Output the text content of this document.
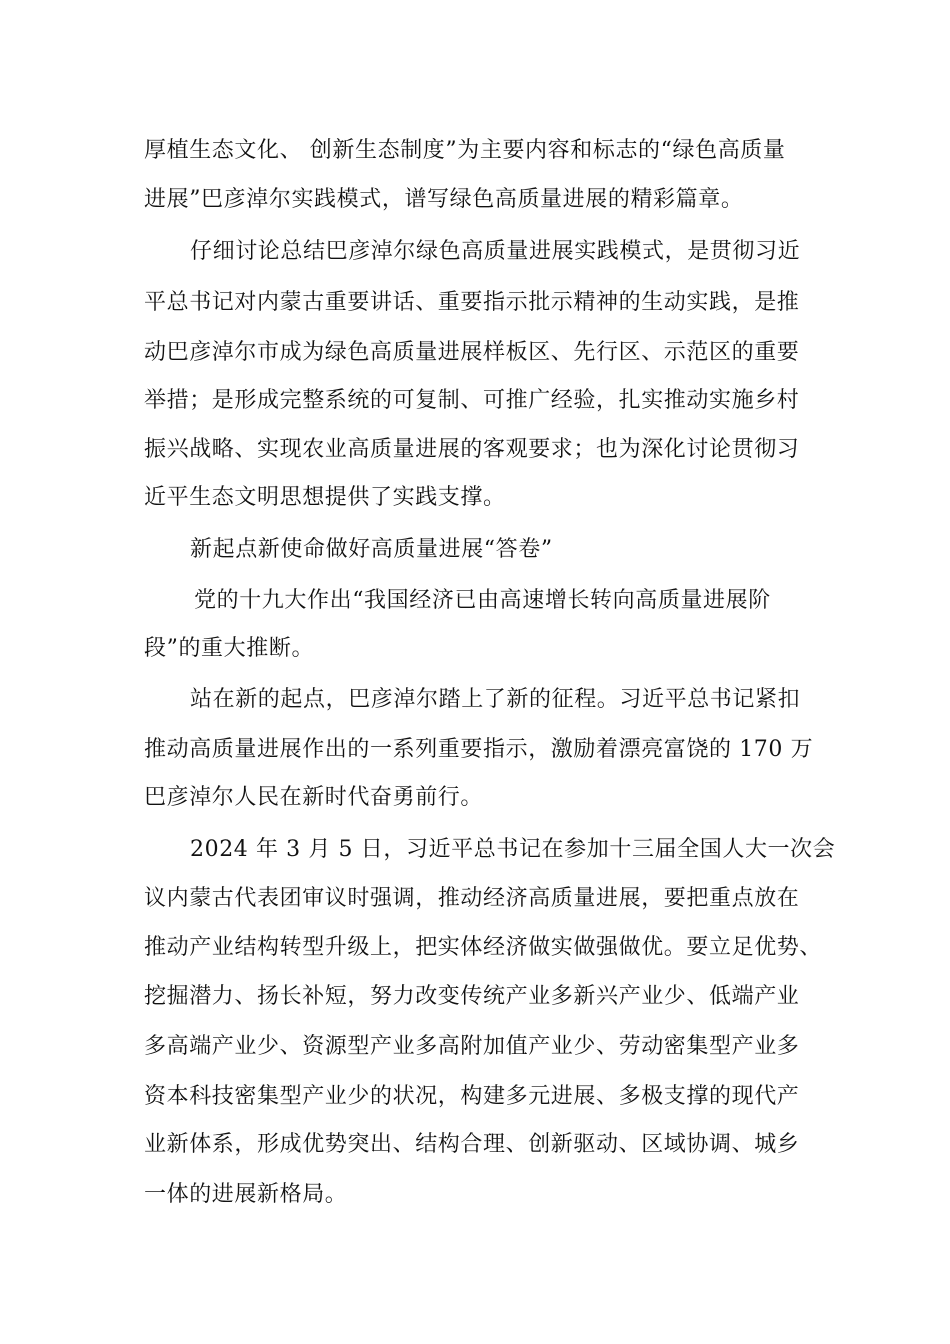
厚植生态文化、 创新生态制度”为主要内容和标志的“绿色高质量
进展”巴彦淖尔实践模式，谱写绿色高质量进展的精彩篇章。
仔细讨论总结巴彦淖尔绿色高质量进展实践模式，是贯彻习近
平总书记对内蒙古重要讲话、重要指示批示精神的生动实践，是推
动巴彦淖尔市成为绿色高质量进展样板区、先行区、示范区的重要
举措；是形成完整系统的可复制、可推广经验，扎实推动实施乡村
振兴战略、实现农业高质量进展的客观要求；也为深化讨论贯彻习
近平生态文明思想提供了实践支撑。
新起点新使命做好高质量进展“答卷”
党的十九大作出“我国经济已由高速增长转向高质量进展阶
段”的重大推断。
站在新的起点，巴彦淖尔踏上了新的征程。习近平总书记紧扣
推动高质量进展作出的一系列重要指示，激励着漂亮富饶的 170 万
巴彦淖尔人民在新时代奋勇前行。
2024 年 3 月 5 日，习近平总书记在参加十三届全国人大一次会
议内蒙古代表团审议时强调，推动经济高质量进展，要把重点放在
推动产业结构转型升级上，把实体经济做实做强做优。要立足优势、
挖掘潜力、扬长补短，努力改变传统产业多新兴产业少、低端产业
多高端产业少、资源型产业多高附加值产业少、劳动密集型产业多
资本科技密集型产业少的状况，构建多元进展、多极支撑的现代产
业新体系，形成优势突出、结构合理、创新驱动、区域协调、城乡
一体的进展新格局。
